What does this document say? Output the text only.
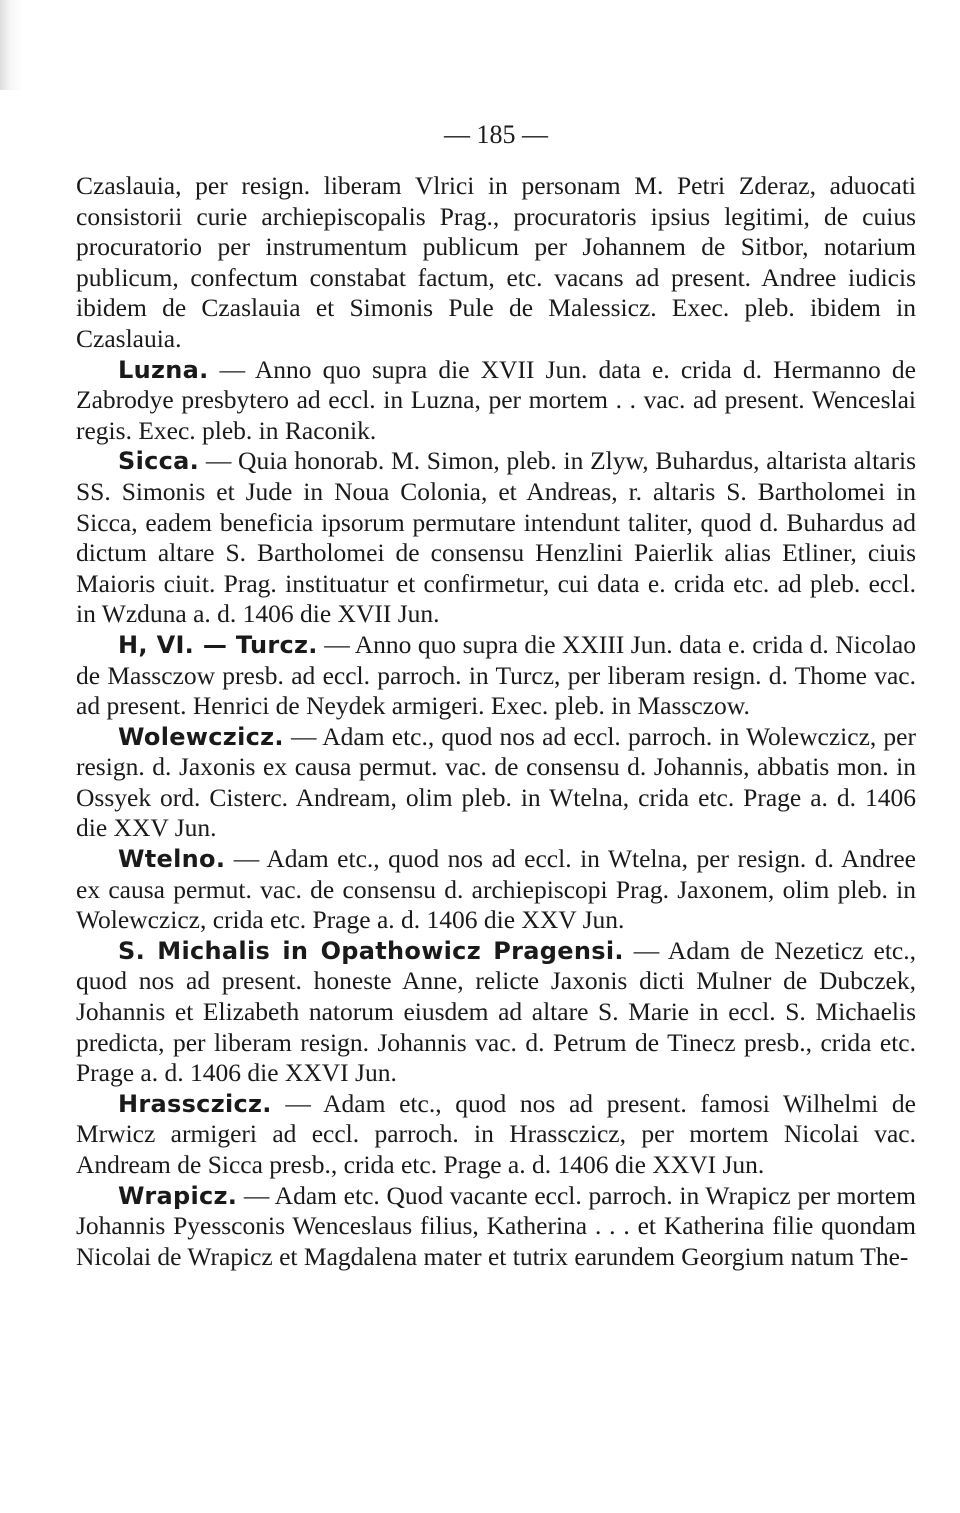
— 185 —

Czaslauia, per resign. liberam Vlrici in personam M. Petri Zderaz, aduocati consistorii curie archiepiscopalis Prag., procuratoris ipsius legitimi, de cuius procuratorio per instrumentum publicum per Johannem de Sitbor, notarium publicum, confectum constabat factum, etc. vacans ad present. Andree iudicis ibidem de Czaslauia et Simonis Pule de Malessicz. Exec. pleb. ibidem in Czaslauia.

Luzna. — Anno quo supra die XVII Jun. data e. crida d. Hermanno de Zabrodye presbytero ad eccl. in Luzna, per mortem . . vac. ad present. Wenceslai regis. Exec. pleb. in Raconik.

Sicca. — Quia honorab. M. Simon, pleb. in Zlyw, Buhardus, altarista altaris SS. Simonis et Jude in Noua Colonia, et Andreas, r. altaris S. Bartholomei in Sicca, eadem beneficia ipsorum permutare intendunt taliter, quod d. Buhardus ad dictum altare S. Bartholomei de consensu Henzlini Paierlik alias Etliner, ciuis Maioris ciuit. Prag. instituatur et confirmetur, cui data e. crida etc. ad pleb. eccl. in Wzduna a. d. 1406 die XVII Jun.

H, VI. — Turcz. — Anno quo supra die XXIII Jun. data e. crida d. Nicolao de Massczow presb. ad eccl. parroch. in Turcz, per liberam resign. d. Thome vac. ad present. Henrici de Neydek armigeri. Exec. pleb. in Massczow.

Wolewczicz. — Adam etc., quod nos ad eccl. parroch. in Wolewczicz, per resign. d. Jaxonis ex causa permut. vac. de consensu d. Johannis, abbatis mon. in Ossyek ord. Cisterc. Andream, olim pleb. in Wtelna, crida etc. Prage a. d. 1406 die XXV Jun.

Wtelno. — Adam etc., quod nos ad eccl. in Wtelna, per resign. d. Andree ex causa permut. vac. de consensu d. archiepiscopi Prag. Jaxonem, olim pleb. in Wolewczicz, crida etc. Prage a. d. 1406 die XXV Jun.

S. Michalis in Opathowicz Pragensi. — Adam de Nezeticz etc., quod nos ad present. honeste Anne, relicte Jaxonis dicti Mulner de Dubczek, Johannis et Elizabeth natorum eiusdem ad altare S. Marie in eccl. S. Michaelis predicta, per liberam resign. Johannis vac. d. Petrum de Tinecz presb., crida etc. Prage a. d. 1406 die XXVI Jun.

Hrassczicz. — Adam etc., quod nos ad present. famosi Wilhelmi de Mrwicz armigeri ad eccl. parroch. in Hrassczicz, per mortem Nicolai vac. Andream de Sicca presb., crida etc. Prage a. d. 1406 die XXVI Jun.

Wrapicz. — Adam etc. Quod vacante eccl. parroch. in Wrapicz per mortem Johannis Pyessconis Wenceslaus filius, Katherina . . . et Katherina filie quondam Nicolai de Wrapicz et Magdalena mater et tutrix earundem Georgium natum The-
